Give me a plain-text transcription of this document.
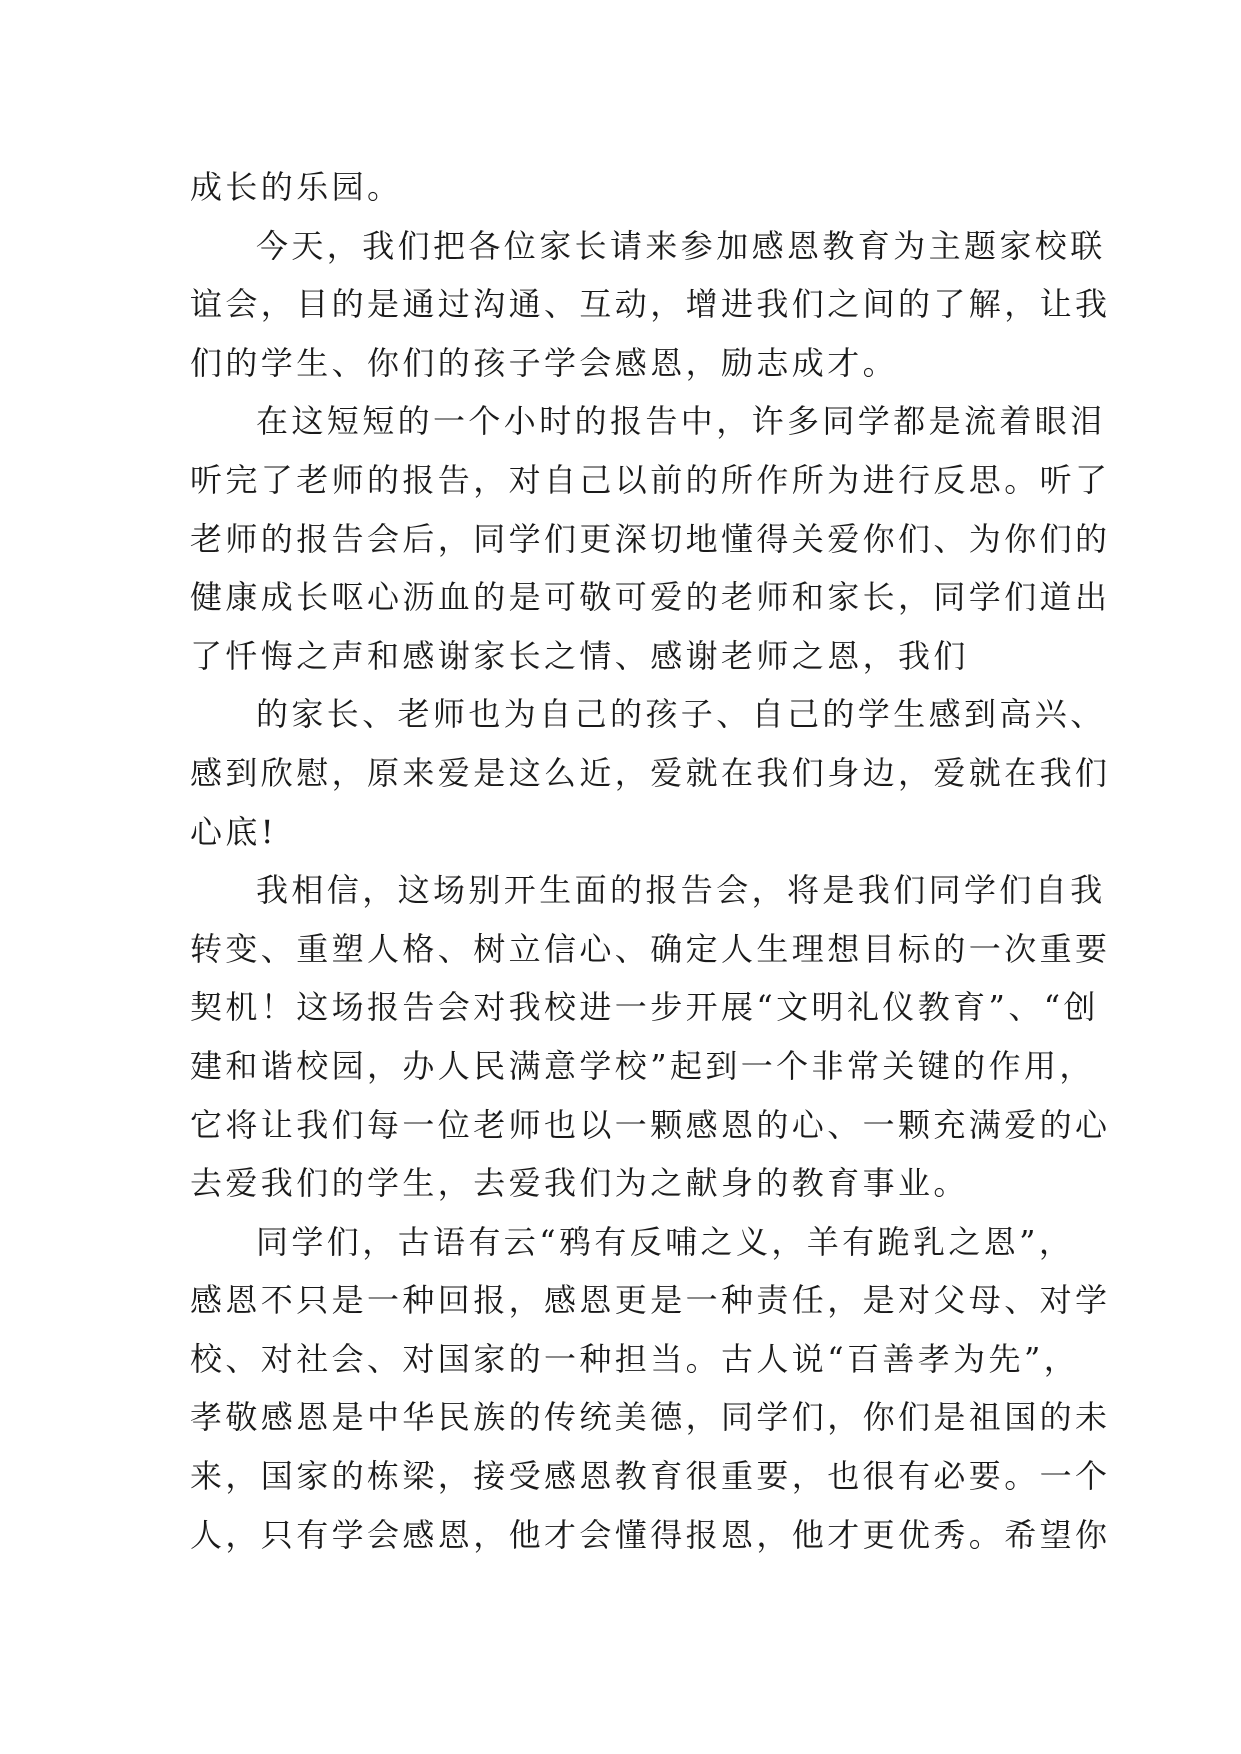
成长的乐园。
今天，我们把各位家长请来参加感恩教育为主题家校联
谊会，目的是通过沟通、互动，增进我们之间的了解，让我
们的学生、你们的孩子学会感恩，励志成才。
在这短短的一个小时的报告中，许多同学都是流着眼泪
听完了老师的报告，对自己以前的所作所为进行反思。听了
老师的报告会后，同学们更深切地懂得关爱你们、为你们的
健康成长呕心沥血的是可敬可爱的老师和家长，同学们道出
了忏悔之声和感谢家长之情、感谢老师之恩，我们
的家长、老师也为自己的孩子、自己的学生感到高兴、
感到欣慰，原来爱是这么近，爱就在我们身边，爱就在我们
心底!
我相信，这场别开生面的报告会，将是我们同学们自我
转变、重塑人格、树立信心、确定人生理想目标的一次重要
契机！这场报告会对我校进一步开展“文明礼仪教育”、“创
建和谐校园，办人民满意学校”起到一个非常关键的作用，
它将让我们每一位老师也以一颗感恩的心、一颗充满爱的心
去爱我们的学生，去爱我们为之献身的教育事业。
同学们，古语有云“鸦有反哺之义，羊有跪乳之恩”，
感恩不只是一种回报，感恩更是一种责任，是对父母、对学
校、对社会、对国家的一种担当。古人说“百善孝为先”，
孝敬感恩是中华民族的传统美德，同学们，你们是祖国的未
来，国家的栋梁，接受感恩教育很重要，也很有必要。一个
人，只有学会感恩，他才会懂得报恩，他才更优秀。希望你
